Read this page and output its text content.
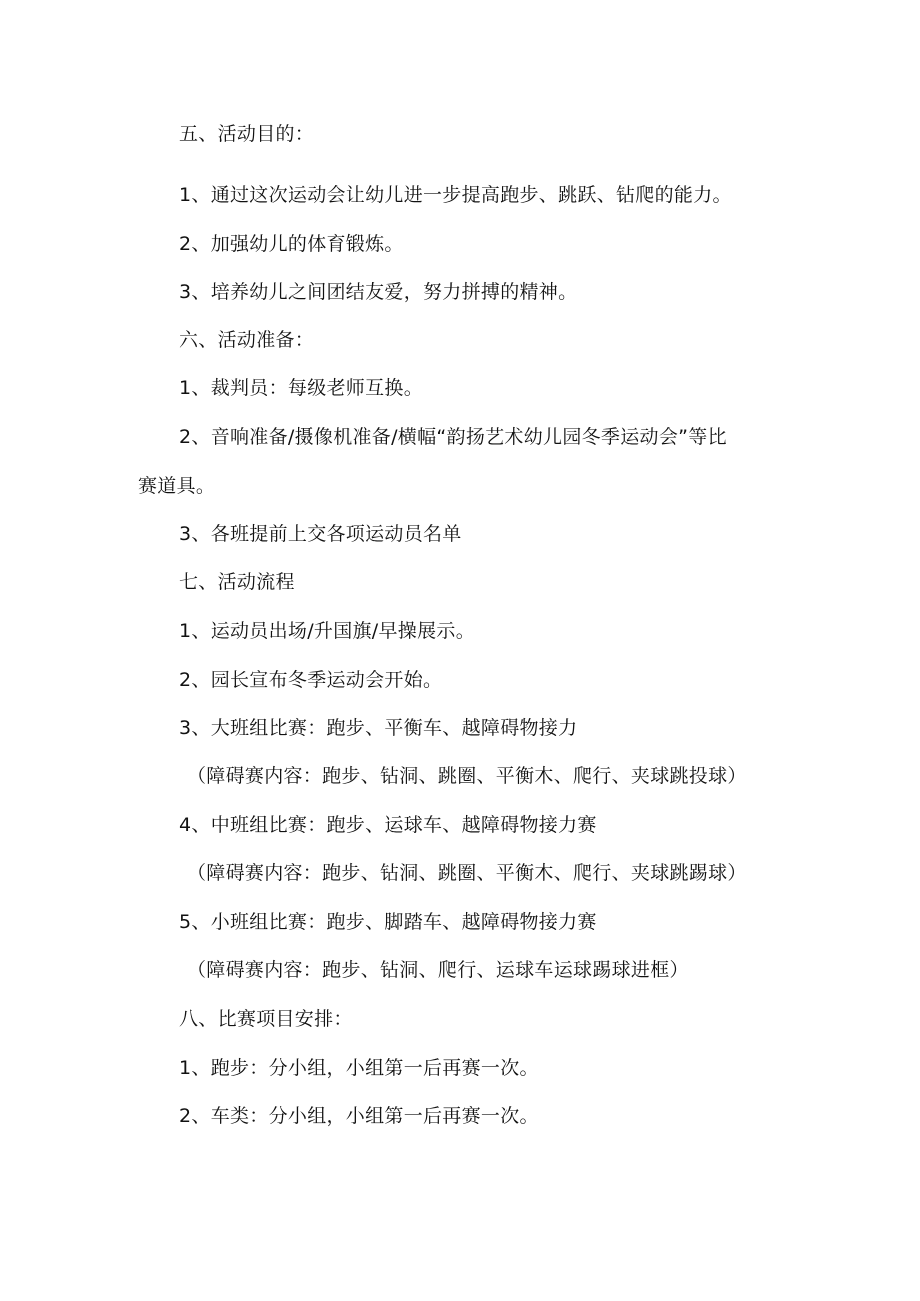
五、活动目的：
1、通过这次运动会让幼儿进一步提高跑步、跳跃、钻爬的能力。
2、加强幼儿的体育锻炼。
3、培养幼儿之间团结友爱，努力拼搏的精神。
六、活动准备：
1、裁判员：每级老师互换。
2、音响准备/摄像机准备/横幅“韵扬艺术幼儿园冬季运动会”等比
赛道具。
3、各班提前上交各项运动员名单
七、活动流程
1、运动员出场/升国旗/早操展示。
2、园长宣布冬季运动会开始。
3、大班组比赛：跑步、平衡车、越障碍物接力
（障碍赛内容：跑步、钻洞、跳圈、平衡木、爬行、夹球跳投球）
4、中班组比赛：跑步、运球车、越障碍物接力赛
（障碍赛内容：跑步、钻洞、跳圈、平衡木、爬行、夹球跳踢球）
5、小班组比赛：跑步、脚踏车、越障碍物接力赛
（障碍赛内容：跑步、钻洞、爬行、运球车运球踢球进框）
八、比赛项目安排：
1、跑步：分小组，小组第一后再赛一次。
2、车类：分小组，小组第一后再赛一次。
